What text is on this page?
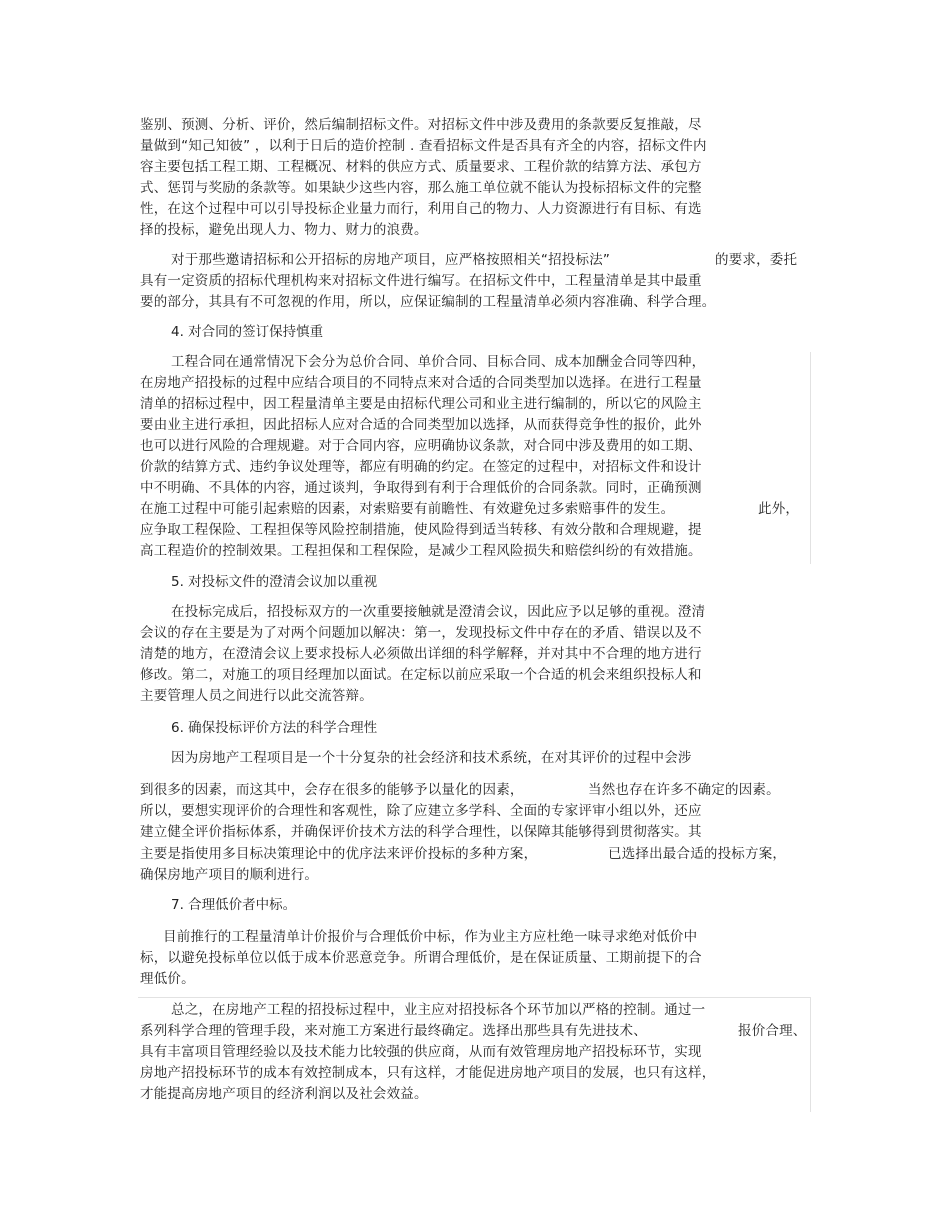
鉴别、预测、分析、评价，然后编制招标文件。对招标文件中涉及费用的条款要反复推敲，尽
量做到“知己知彼” ，以利于日后的造价控制 . 查看招标文件是否具有齐全的内容，招标文件内
容主要包括工程工期、工程概况、材料的供应方式、质量要求、工程价款的结算方法、承包方
式、惩罚与奖励的条款等。如果缺少这些内容，那么施工单位就不能认为投标招标文件的完整
性，在这个过程中可以引导投标企业量力而行，利用自己的物力、人力资源进行有目标、有选
择的投标，避免出现人力、物力、财力的浪费。
对于那些邀请招标和公开招标的房地产项目，应严格按照相关“招投标法”	的要求，委托
具有一定资质的招标代理机构来对招标文件进行编写。在招标文件中，工程量清单是其中最重
要的部分，其具有不可忽视的作用，所以，应保证编制的工程量清单必须内容准确、科学合理。
4. 对合同的签订保持慎重
工程合同在通常情况下会分为总价合同、单价合同、目标合同、成本加酬金合同等四种，
在房地产招投标的过程中应结合项目的不同特点来对合适的合同类型加以选择。在进行工程量
清单的招标过程中，因工程量清单主要是由招标代理公司和业主进行编制的，所以它的风险主
要由业主进行承担，因此招标人应对合适的合同类型加以选择，从而获得竞争性的报价，此外
也可以进行风险的合理规避。对于合同内容，应明确协议条款，对合同中涉及费用的如工期、
价款的结算方式、违约争议处理等，都应有明确的约定。在签定的过程中，对招标文件和设计
中不明确、不具体的内容，通过谈判，争取得到有利于合理低价的合同条款。同时，正确预测
在施工过程中可能引起索赔的因素，对索赔要有前瞻性、有效避免过多索赔事件的发生。	此外，
应争取工程保险、工程担保等风险控制措施，使风险得到适当转移、有效分散和合理规避，提
高工程造价的控制效果。工程担保和工程保险，是减少工程风险损失和赔偿纠纷的有效措施。
5. 对投标文件的澄清会议加以重视
在投标完成后，招投标双方的一次重要接触就是澄清会议，因此应予以足够的重视。澄清
会议的存在主要是为了对两个问题加以解决：第一，发现投标文件中存在的矛盾、错误以及不
清楚的地方，在澄清会议上要求投标人必须做出详细的科学解释，并对其中不合理的地方进行
修改。第二，对施工的项目经理加以面试。在定标以前应采取一个合适的机会来组织投标人和
主要管理人员之间进行以此交流答辩。
6. 确保投标评价方法的科学合理性
因为房地产工程项目是一个十分复杂的社会经济和技术系统，在对其评价的过程中会涉
到很多的因素，而这其中，会存在很多的能够予以量化的因素，	当然也存在许多不确定的因素。
所以，要想实现评价的合理性和客观性，除了应建立多学科、全面的专家评审小组以外，还应
建立健全评价指标体系，并确保评价技术方法的科学合理性，以保障其能够得到贯彻落实。其
主要是指使用多目标决策理论中的优序法来评价投标的多种方案，	已选择出最合适的投标方案，
确保房地产项目的顺利进行。
7. 合理低价者中标。
目前推行的工程量清单计价报价与合理低价中标，作为业主方应杜绝一味寻求绝对低价中
标，以避免投标单位以低于成本价恶意竞争。所谓合理低价，是在保证质量、工期前提下的合
理低价。
总之，在房地产工程的招投标过程中，业主应对招投标各个环节加以严格的控制。通过一
系列科学合理的管理手段，来对施工方案进行最终确定。选择出那些具有先进技术、	报价合理、
具有丰富项目管理经验以及技术能力比较强的供应商，从而有效管理房地产招投标环节，实现
房地产招投标环节的成本有效控制成本，只有这样，才能促进房地产项目的发展，也只有这样，
才能提高房地产项目的经济利润以及社会效益。
